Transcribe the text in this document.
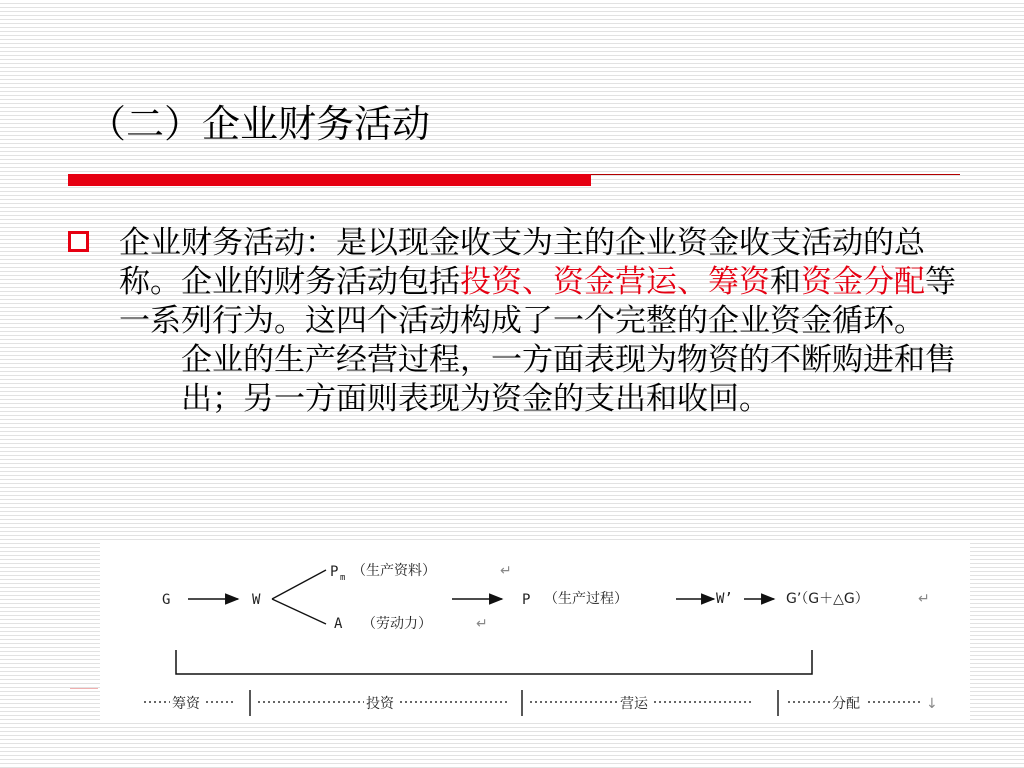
（二）企业财务活动

企业财务活动：是以现金收支为主的企业资金收支活动的总称。企业的财务活动包括投资、资金营运、筹资和资金分配等一系列行为。这四个活动构成了一个完整的企业资金循环。

企业的生产经营过程，一方面表现为物资的不断购进和售出；另一方面则表现为资金的支出和收回。

G	W
P m （生产资料）	↵
A （劳动力）	↵
P （生产过程）	W’	G’（G＋△G）	↵
筹资	投资	营运	分配	↓
